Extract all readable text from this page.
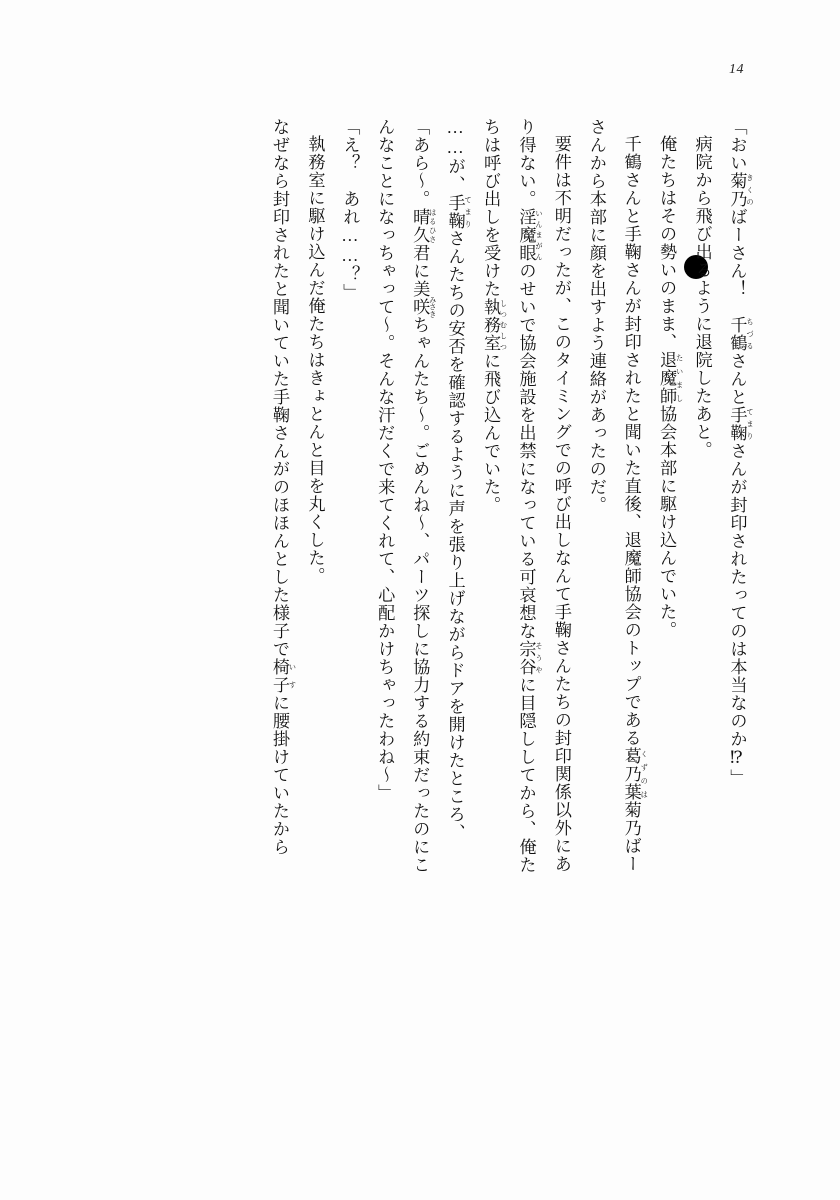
14

「おい菊乃 きくのばーさん！　千鶴 ちづるさんと手鞠 てまりさんが封印されたってのは本当なのか⁉」

病院から飛び出るように退院したあと。

俺たちはその勢いのまま、退魔師 たいまし協会本部に駆け込んでいた。

千鶴さんと手鞠さんが封印されたと聞いた直後、退魔師協会のトップである葛乃葉 くずのは菊乃ばー

さんから本部に顔を出すよう連絡があったのだ。

要件は不明だったが、このタイミングでの呼び出しなんて手鞠さんたちの封印関係以外にあ

り得ない。淫魔眼 いんまがんのせいで協会施設を出禁になっている可哀想な宗谷 そうやに目隠ししてから、俺た

ちは呼び出しを受けた執務室 しつむしつに飛び込んでいた。

……が、手鞠 てまりさんたちの安否を確認するように声を張り上げながらドアを開けたところ、

「あら～。晴久 はるひさ君に美咲 みさきちゃんたち～。ごめんね～、パーツ探しに協力する約束だったのにこ

んなことになっちゃって～。そんな汗だくで来てくれて、心配かけちゃったわね～」

「え？　あれ……？」

執務室に駆け込んだ俺たちはきょとんと目を丸くした。

なぜなら封印されたと聞いていた手鞠さんがのほほんとした様子で椅子 いすに腰掛けていたから
